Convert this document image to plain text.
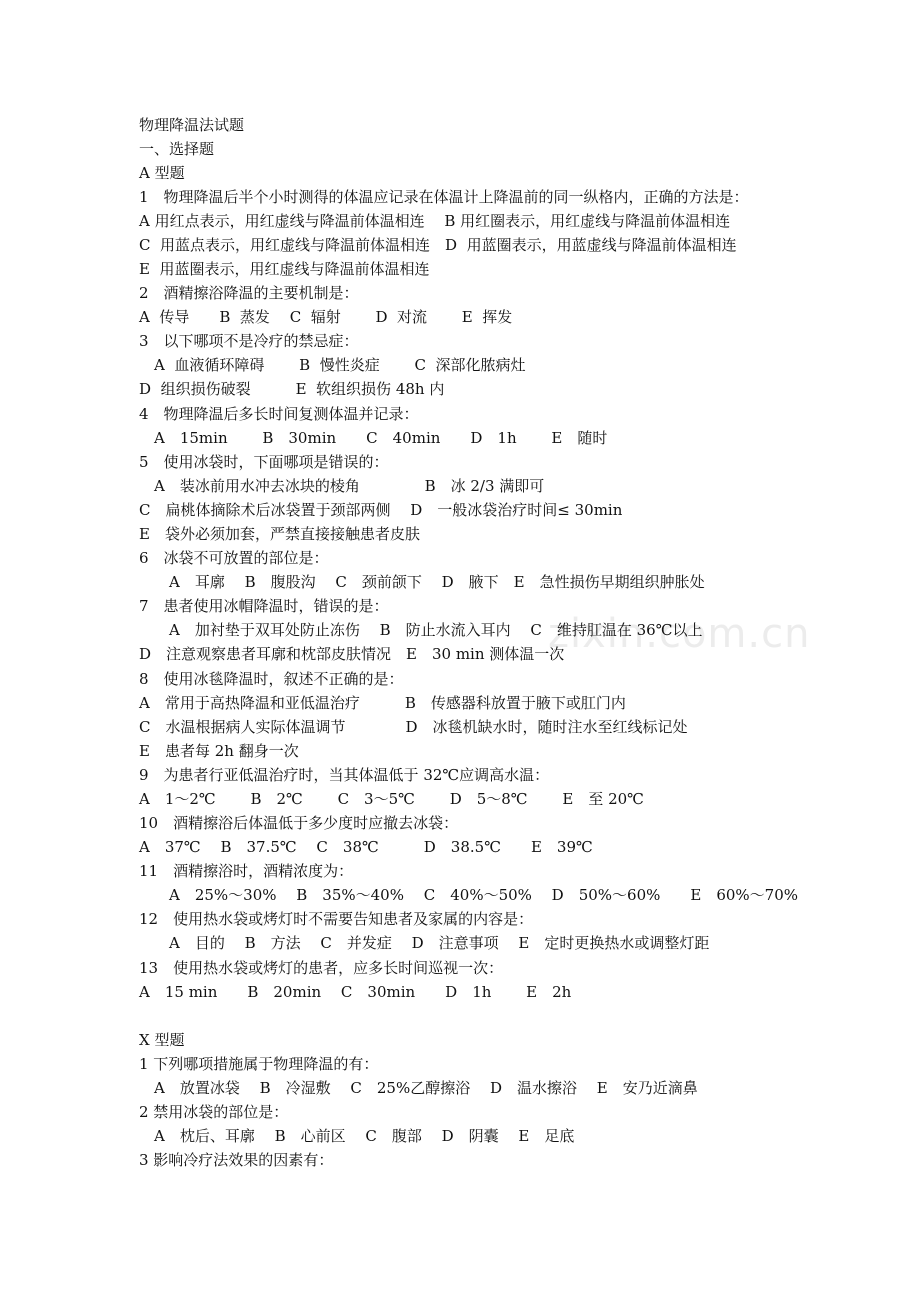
zixin.com.cn
物理降温法试题
一、选择题
A 型题
1　物理降温后半个小时测得的体温应记录在体温计上降温前的同一纵格内，正确的方法是：
A 用红点表示，用红虚线与降温前体温相连　 B 用红圈表示，用红虚线与降温前体温相连
C  用蓝点表示，用红虚线与降温前体温相连　D  用蓝圈表示，用蓝虚线与降温前体温相连
E  用蓝圈表示，用红虚线与降温前体温相连
2　酒精擦浴降温的主要机制是：
A  传导　　B  蒸发　 C  辐射　　 D  对流　　 E  挥发
3　以下哪项不是冷疗的禁忌症：
　A  血液循环障碍　　 B  慢性炎症　　 C  深部化脓病灶
D  组织损伤破裂　　　E  软组织损伤 48h 内
4　物理降温后多长时间复测体温并记录：
　A　15min　　 B　30min　　C　40min　　D　1h　　 E　随时
5　使用冰袋时，下面哪项是错误的：
　A　装冰前用水冲去冰块的棱角　　　　 B　冰 2/3 满即可
C　扁桃体摘除术后冰袋置于颈部两侧　 D　一般冰袋治疗时间≤ 30min
E　袋外必须加套，严禁直接接触患者皮肤
6　冰袋不可放置的部位是：
　　A　耳廓　 B　腹股沟　 C　颈前颌下　 D　腋下　E　急性损伤早期组织肿胀处
7　患者使用冰帽降温时，错误的是：
　　A　加衬垫于双耳处防止冻伤　 B　防止水流入耳内　 C　维持肛温在 36℃以上
D　注意观察患者耳廓和枕部皮肤情况　E　30 min 测体温一次
8　使用冰毯降温时，叙述不正确的是：
A　常用于高热降温和亚低温治疗　　　B　传感器科放置于腋下或肛门内
C　水温根据病人实际体温调节　　　　D　冰毯机缺水时，随时注水至红线标记处
E　患者每 2h 翻身一次
9　为患者行亚低温治疗时，当其体温低于 32℃应调高水温：
A　1～2℃　　 B　2℃　　 C　3～5℃　　 D　5～8℃　　 E　至 20℃
10　酒精擦浴后体温低于多少度时应撤去冰袋：
A　37℃　 B　37.5℃　 C　38℃　　　D　38.5℃　　E　39℃
11　酒精擦浴时，酒精浓度为：
　　A　25%～30%　 B　35%～40%　 C　40%～50%　 D　50%～60%　　E　60%～70%
12　使用热水袋或烤灯时不需要告知患者及家属的内容是：
　　A　目的　 B　方法　 C　并发症　 D　注意事项　 E　定时更换热水或调整灯距
13　使用热水袋或烤灯的患者，应多长时间巡视一次：
A　15 min　　B　20min　 C　30min　　D　1h　　 E　2h
X 型题
1 下列哪项措施属于物理降温的有：
　A　放置冰袋　 B　冷湿敷　 C　25%乙醇擦浴　 D　温水擦浴　 E　安乃近滴鼻
2 禁用冰袋的部位是：
　A　枕后、耳廓　 B　心前区　 C　腹部　 D　阴囊　 E　足底
3 影响冷疗法效果的因素有：
